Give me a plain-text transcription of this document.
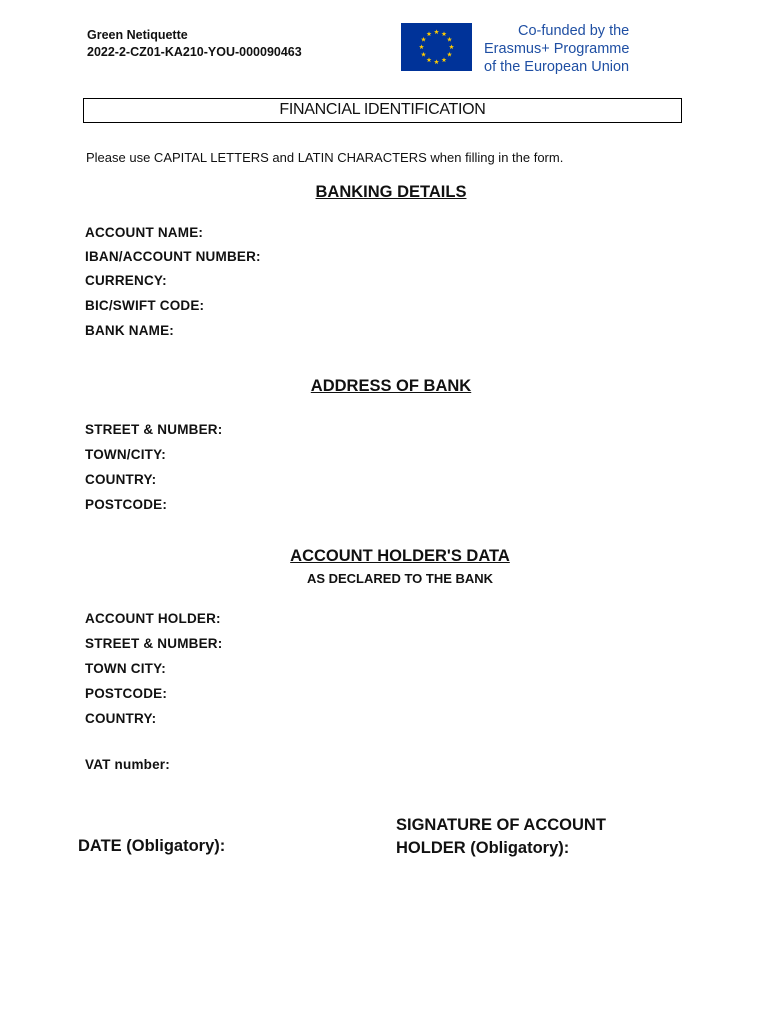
Green Netiquette
2022-2-CZ01-KA210-YOU-000090463
Co-funded by the
Erasmus+ Programme
of the European Union
FINANCIAL IDENTIFICATION
Please use CAPITAL LETTERS and LATIN CHARACTERS when filling in the form.
BANKING DETAILS
ACCOUNT NAME:
IBAN/ACCOUNT NUMBER:
CURRENCY:
BIC/SWIFT CODE:
BANK NAME:
ADDRESS OF BANK
STREET & NUMBER:
TOWN/CITY:
COUNTRY:
POSTCODE:
ACCOUNT HOLDER'S DATA
AS DECLARED TO THE BANK
ACCOUNT HOLDER:
STREET & NUMBER:
TOWN CITY:
POSTCODE:
COUNTRY:
VAT number:
DATE (Obligatory):
SIGNATURE OF ACCOUNT
HOLDER (Obligatory):
